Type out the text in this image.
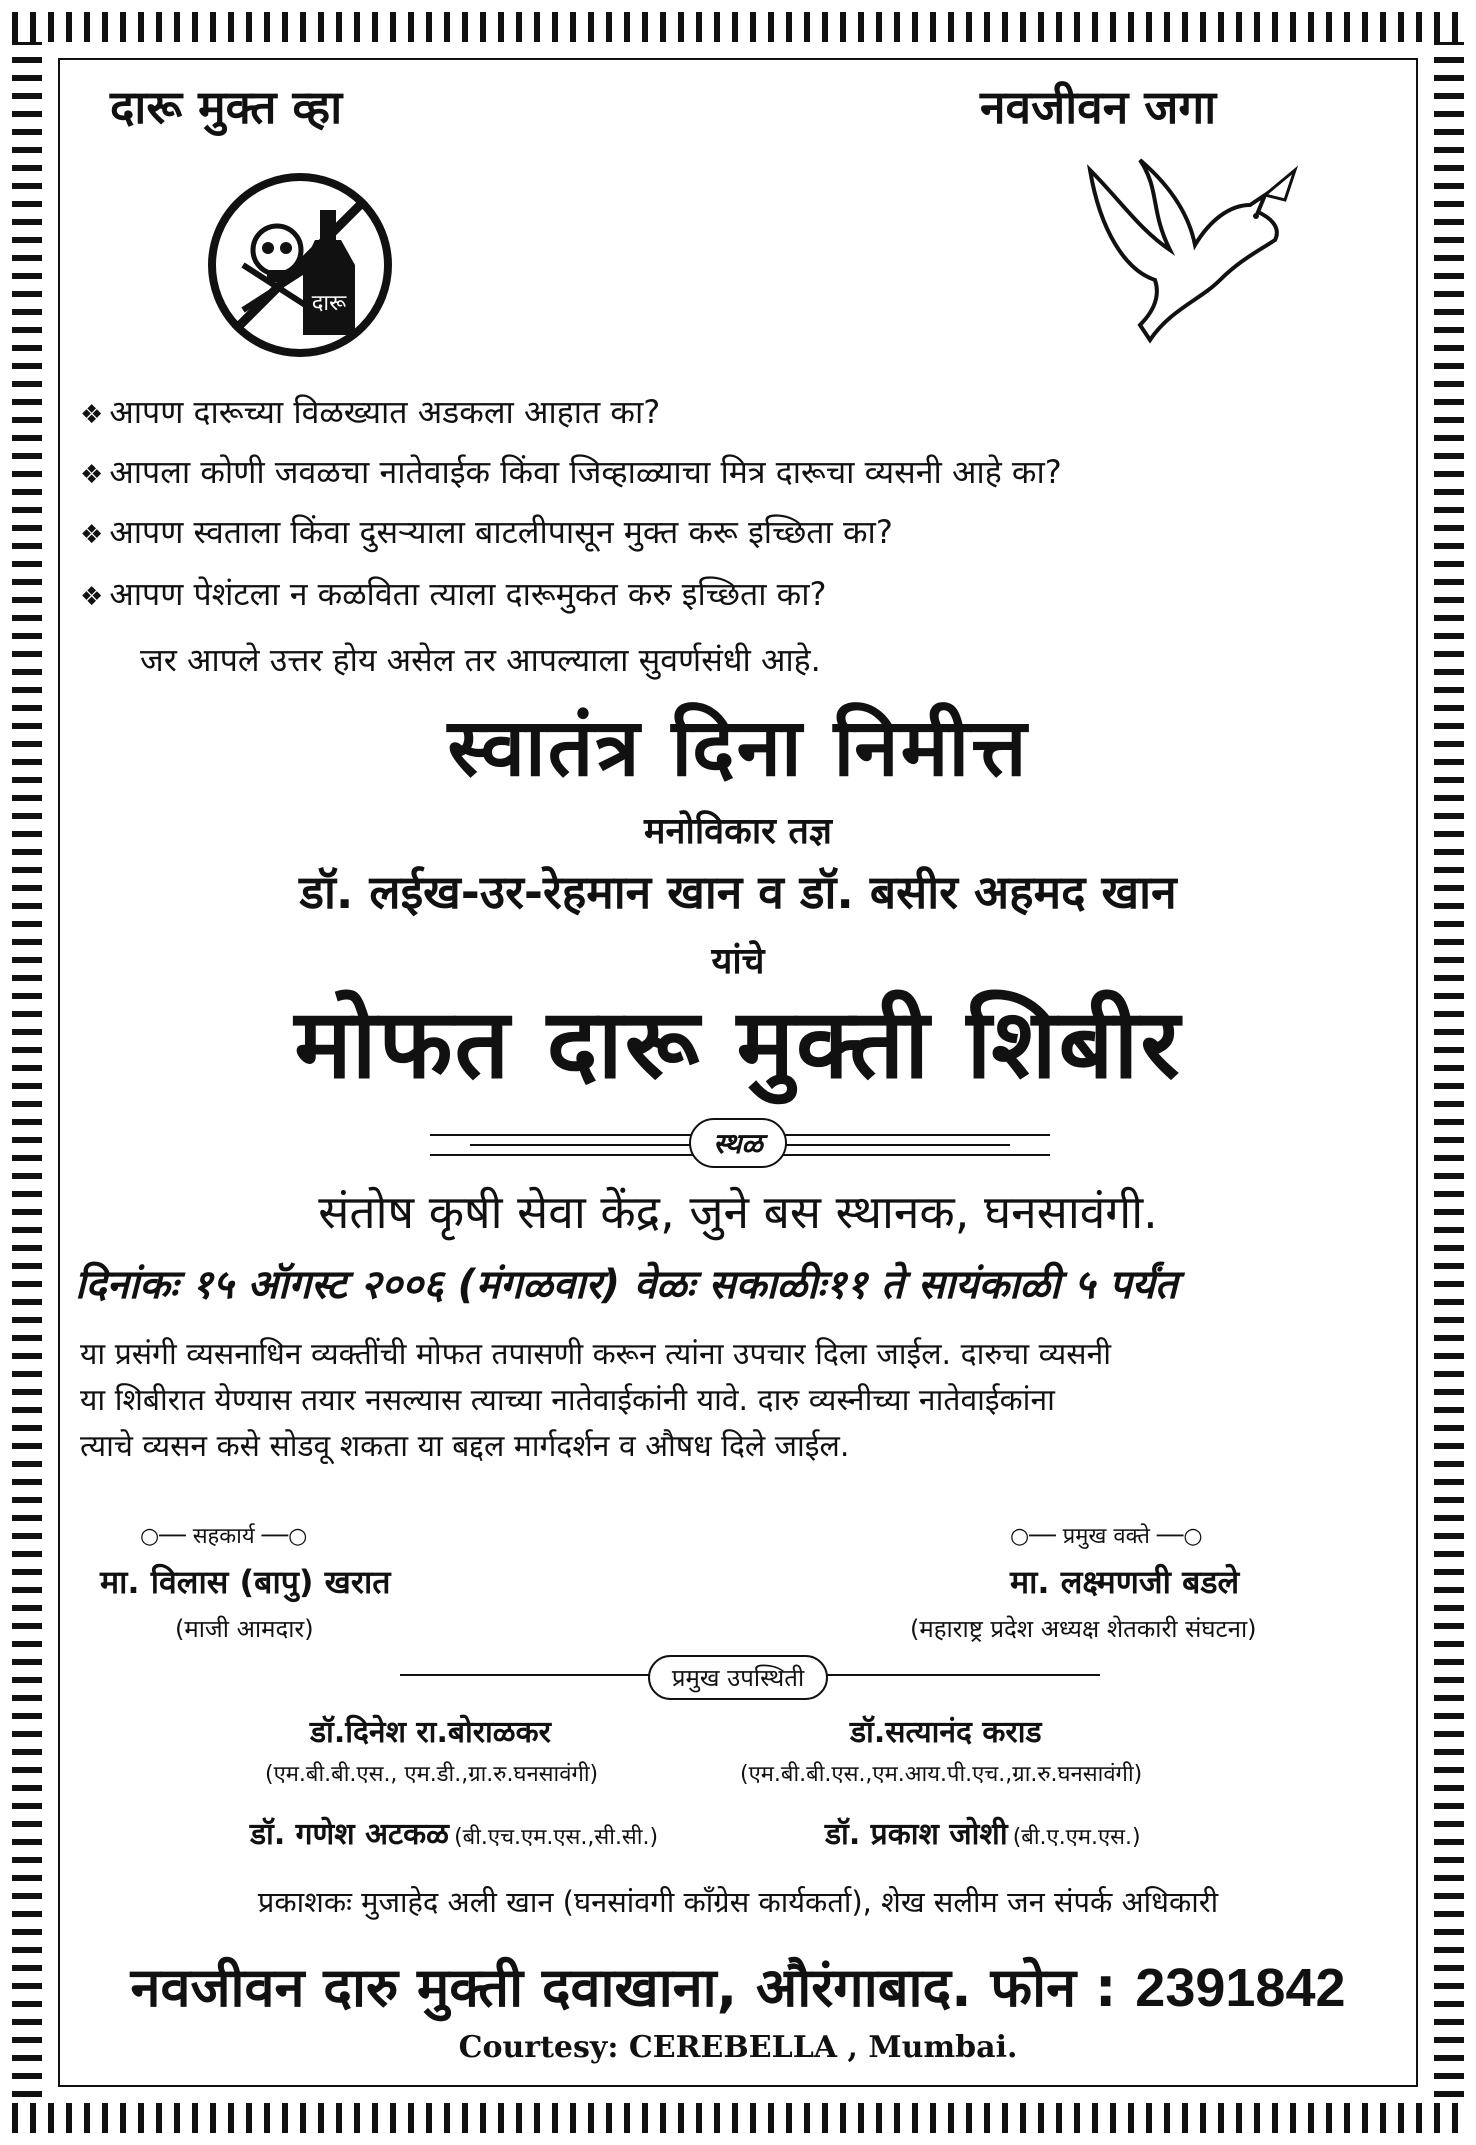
दारू मुक्त व्हा	नवजीवन जगा
दारू
❖ आपण दारूच्या विळख्यात अडकला आहात का?
❖ आपला कोणी जवळचा नातेवाईक किंवा जिव्हाळ्याचा मित्र दारूचा व्यसनी आहे का?
❖ आपण स्वताला किंवा दुसऱ्याला बाटलीपासून मुक्त करू इच्छिता का?
❖ आपण पेशंटला न कळविता त्याला दारूमुकत करु इच्छिता का?
जर आपले उत्तर होय असेल तर आपल्याला सुवर्णसंधी आहे.
स्वातंत्र दिना निमीत्त
मनोविकार तज्ञ
डॉ. लईख-उर-रेहमान खान व डॉ. बसीर अहमद खान
यांचे
मोफत दारू मुक्ती शिबीर
स्थळ
संतोष कृषी सेवा केंद्र, जुने बस स्थानक, घनसावंगी.
दिनांकः १५ ऑगस्ट २००६ (मंगळवार) वेळः सकाळीः११ ते सायंकाळी ५ पर्यंत
या प्रसंगी व्यसनाधिन व्यक्तींची मोफत तपासणी करून त्यांना उपचार दिला जाईल. दारुचा व्यसनी
या शिबीरात येण्यास तयार नसल्यास त्याच्या नातेवाईकांनी यावे. दारु व्यस्नीच्या नातेवाईकांना
त्याचे व्यसन कसे सोडवू शकता या बद्दल मार्गदर्शन व औषध दिले जाईल.
○── सहकार्य ──○
मा. विलास (बापु) खरात
(माजी आमदार)
○── प्रमुख वक्ते ──○
मा. लक्ष्मणजी बडले
(महाराष्ट्र प्रदेश अध्यक्ष शेतकारी संघटना)
प्रमुख उपस्थिती
डॉ.दिनेश रा.बोराळकर
(एम.बी.बी.एस., एम.डी.,ग्रा.रु.घनसावंगी)
डॉ.सत्यानंद कराड
(एम.बी.बी.एस.,एम.आय.पी.एच.,ग्रा.रु.घनसावंगी)
डॉ. गणेश अटकळ (बी.एच.एम.एस.,सी.सी.)	डॉ. प्रकाश जोशी (बी.ए.एम.एस.)
प्रकाशकः मुजाहेद अली खान (घनसांवगी कॉंग्रेस कार्यकर्ता), शेख सलीम जन संपर्क अधिकारी
नवजीवन दारु मुक्ती दवाखाना, औरंगाबाद. फोन : 2391842
Courtesy: CEREBELLA , Mumbai.
